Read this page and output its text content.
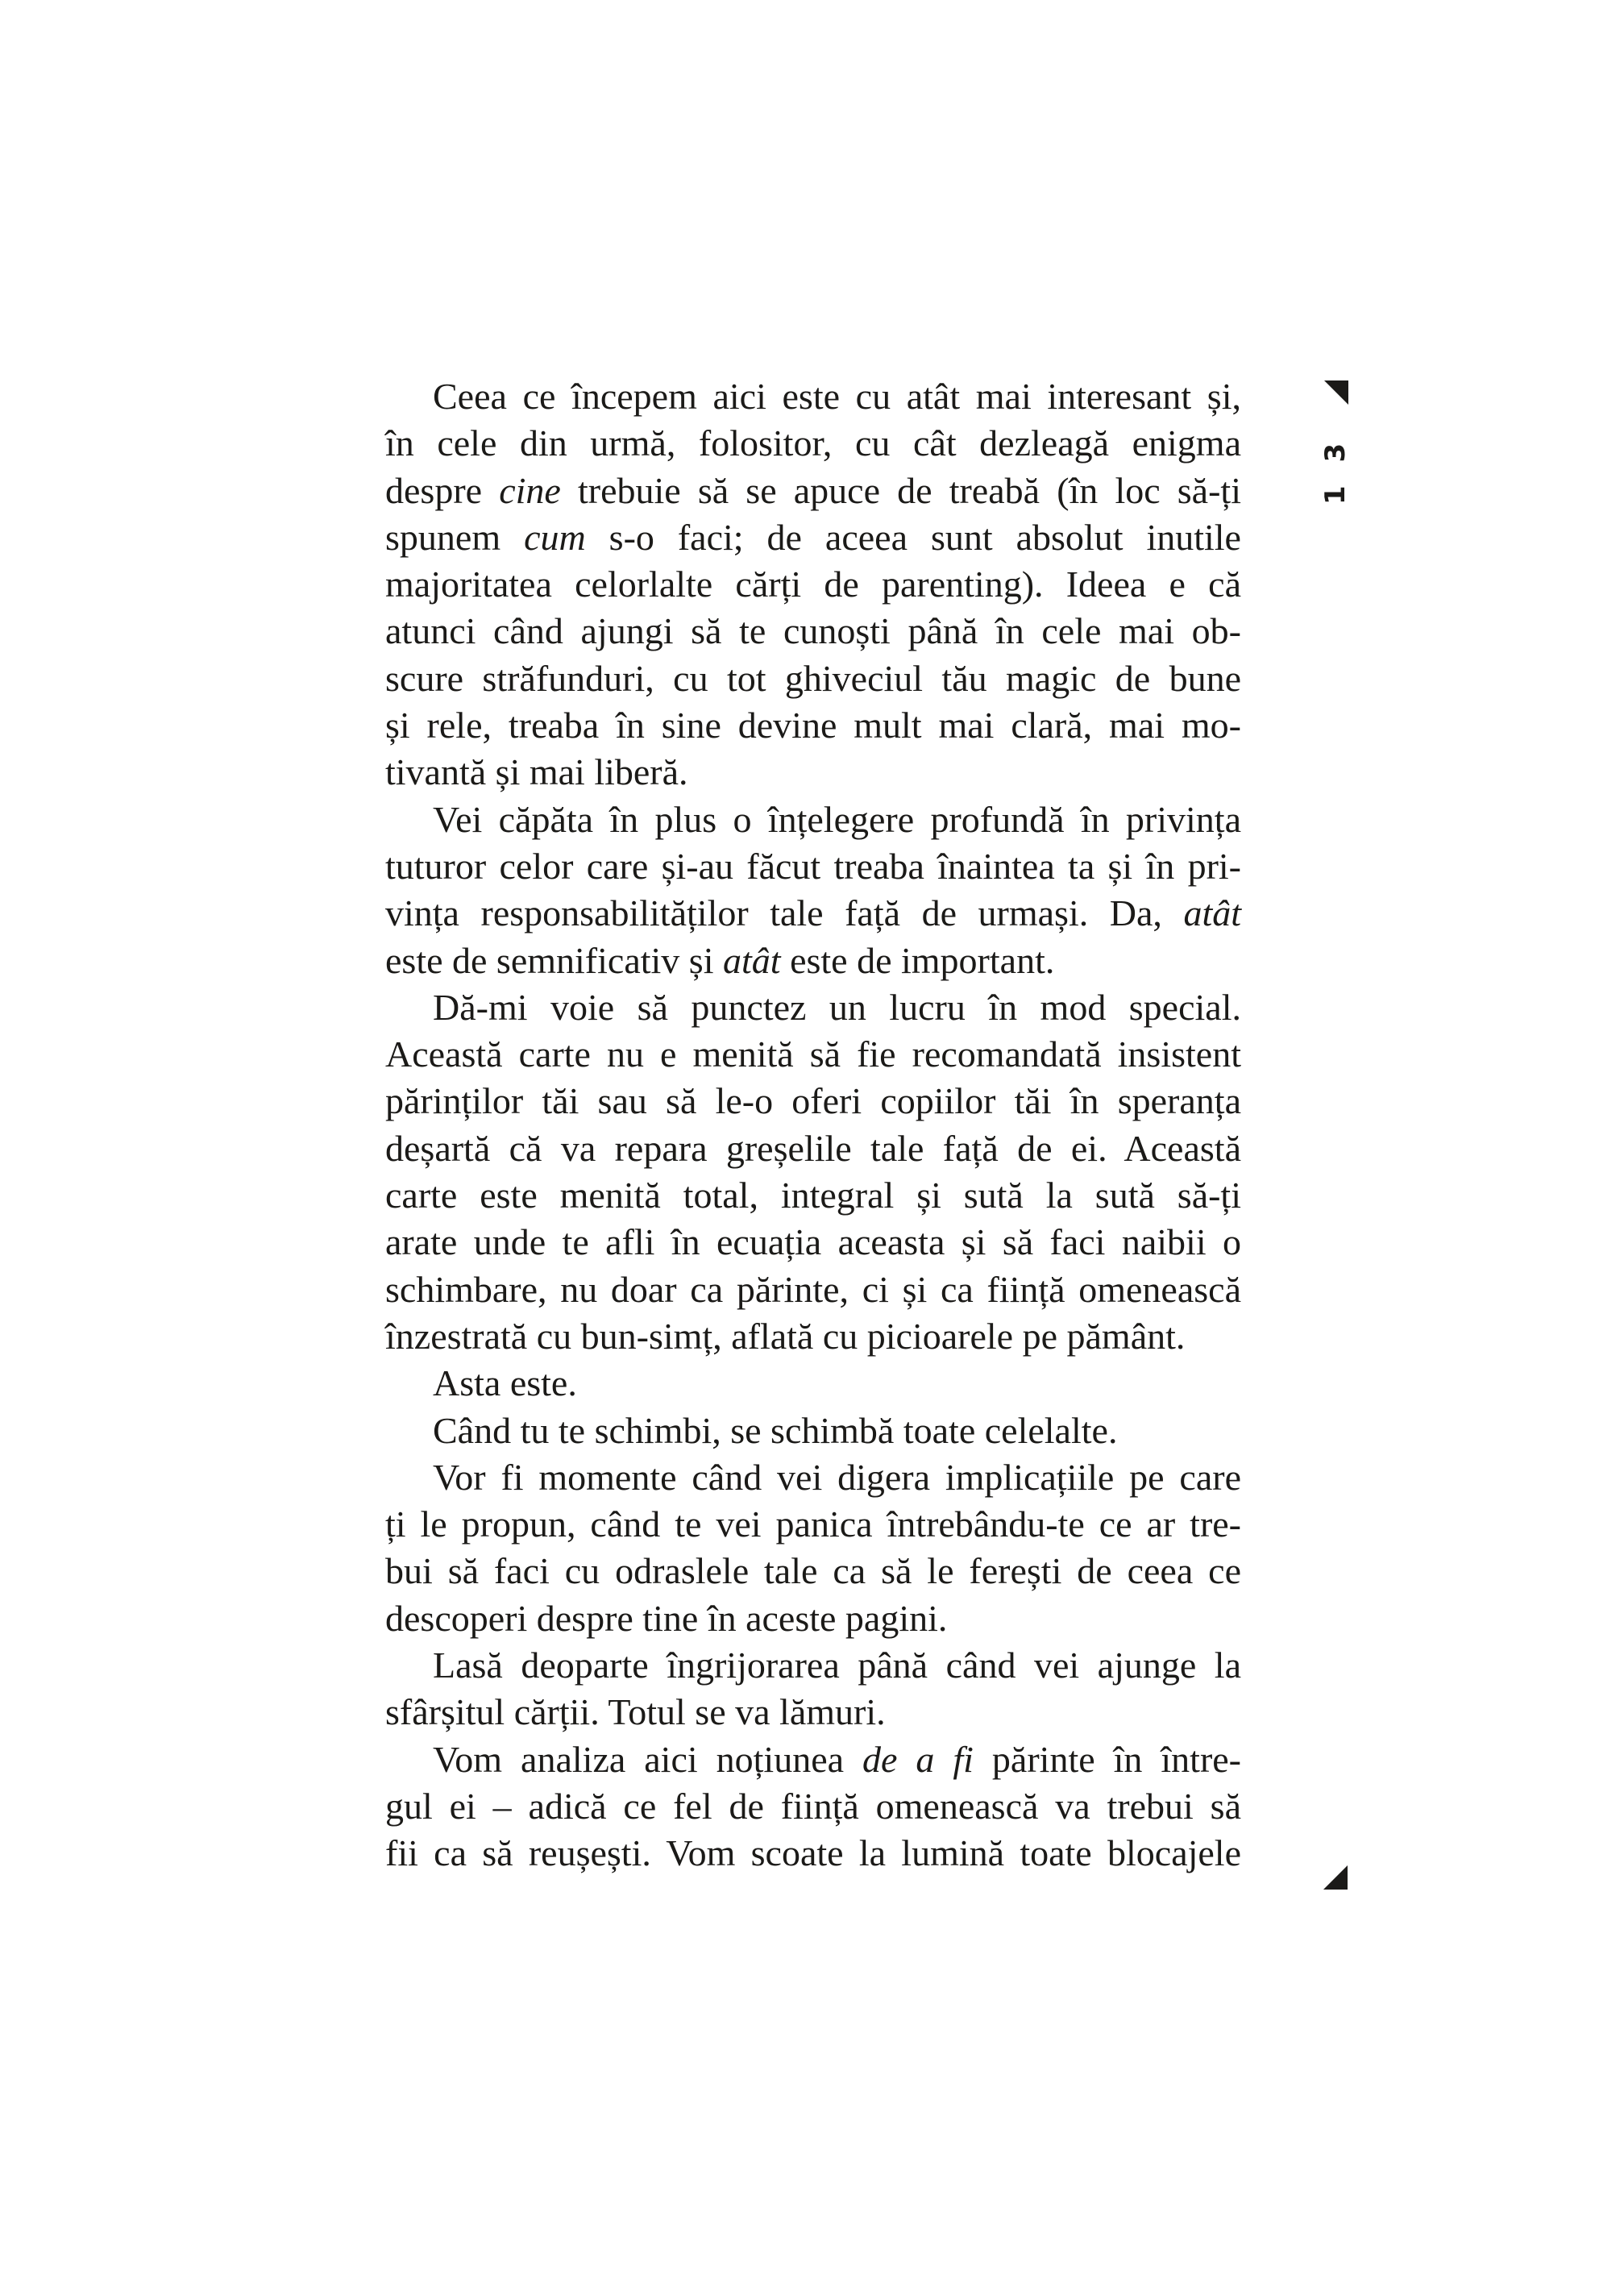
Ceea ce începem aici este cu atât mai interesant și,
în cele din urmă, folositor, cu cât dezleagă enigma
despre cine trebuie să se apuce de treabă (în loc să-ți
spunem cum s-o faci; de aceea sunt absolut inutile
majoritatea celorlalte cărți de parenting). Ideea e că
atunci când ajungi să te cunoști până în cele mai ob-
scure străfunduri, cu tot ghiveciul tău magic de bune
și rele, treaba în sine devine mult mai clară, mai mo-
tivantă și mai liberă.
Vei căpăta în plus o înțelegere profundă în privința
tuturor celor care și-au făcut treaba înaintea ta și în pri-
vința responsabilităților tale față de urmași. Da, atât
este de semnificativ și atât este de important.
Dă-mi voie să punctez un lucru în mod special.
Această carte nu e menită să fie recomandată insistent
părinților tăi sau să le-o oferi copiilor tăi în speranța
deșartă că va repara greșelile tale față de ei. Această
carte este menită total, integral și sută la sută să-ți
arate unde te afli în ecuația aceasta și să faci naibii o
schimbare, nu doar ca părinte, ci și ca ființă omenească
înzestrată cu bun-simț, aflată cu picioarele pe pământ.
Asta este.
Când tu te schimbi, se schimbă toate celelalte.
Vor fi momente când vei digera implicațiile pe care
ți le propun, când te vei panica întrebându-te ce ar tre-
bui să faci cu odraslele tale ca să le ferești de ceea ce
descoperi despre tine în aceste pagini.
Lasă deoparte îngrijorarea până când vei ajunge la
sfârșitul cărții. Totul se va lămuri.
Vom analiza aici noțiunea de a fi părinte în între-
gul ei – adică ce fel de ființă omenească va trebui să
fii ca să reușești. Vom scoate la lumină toate blocajele
13
